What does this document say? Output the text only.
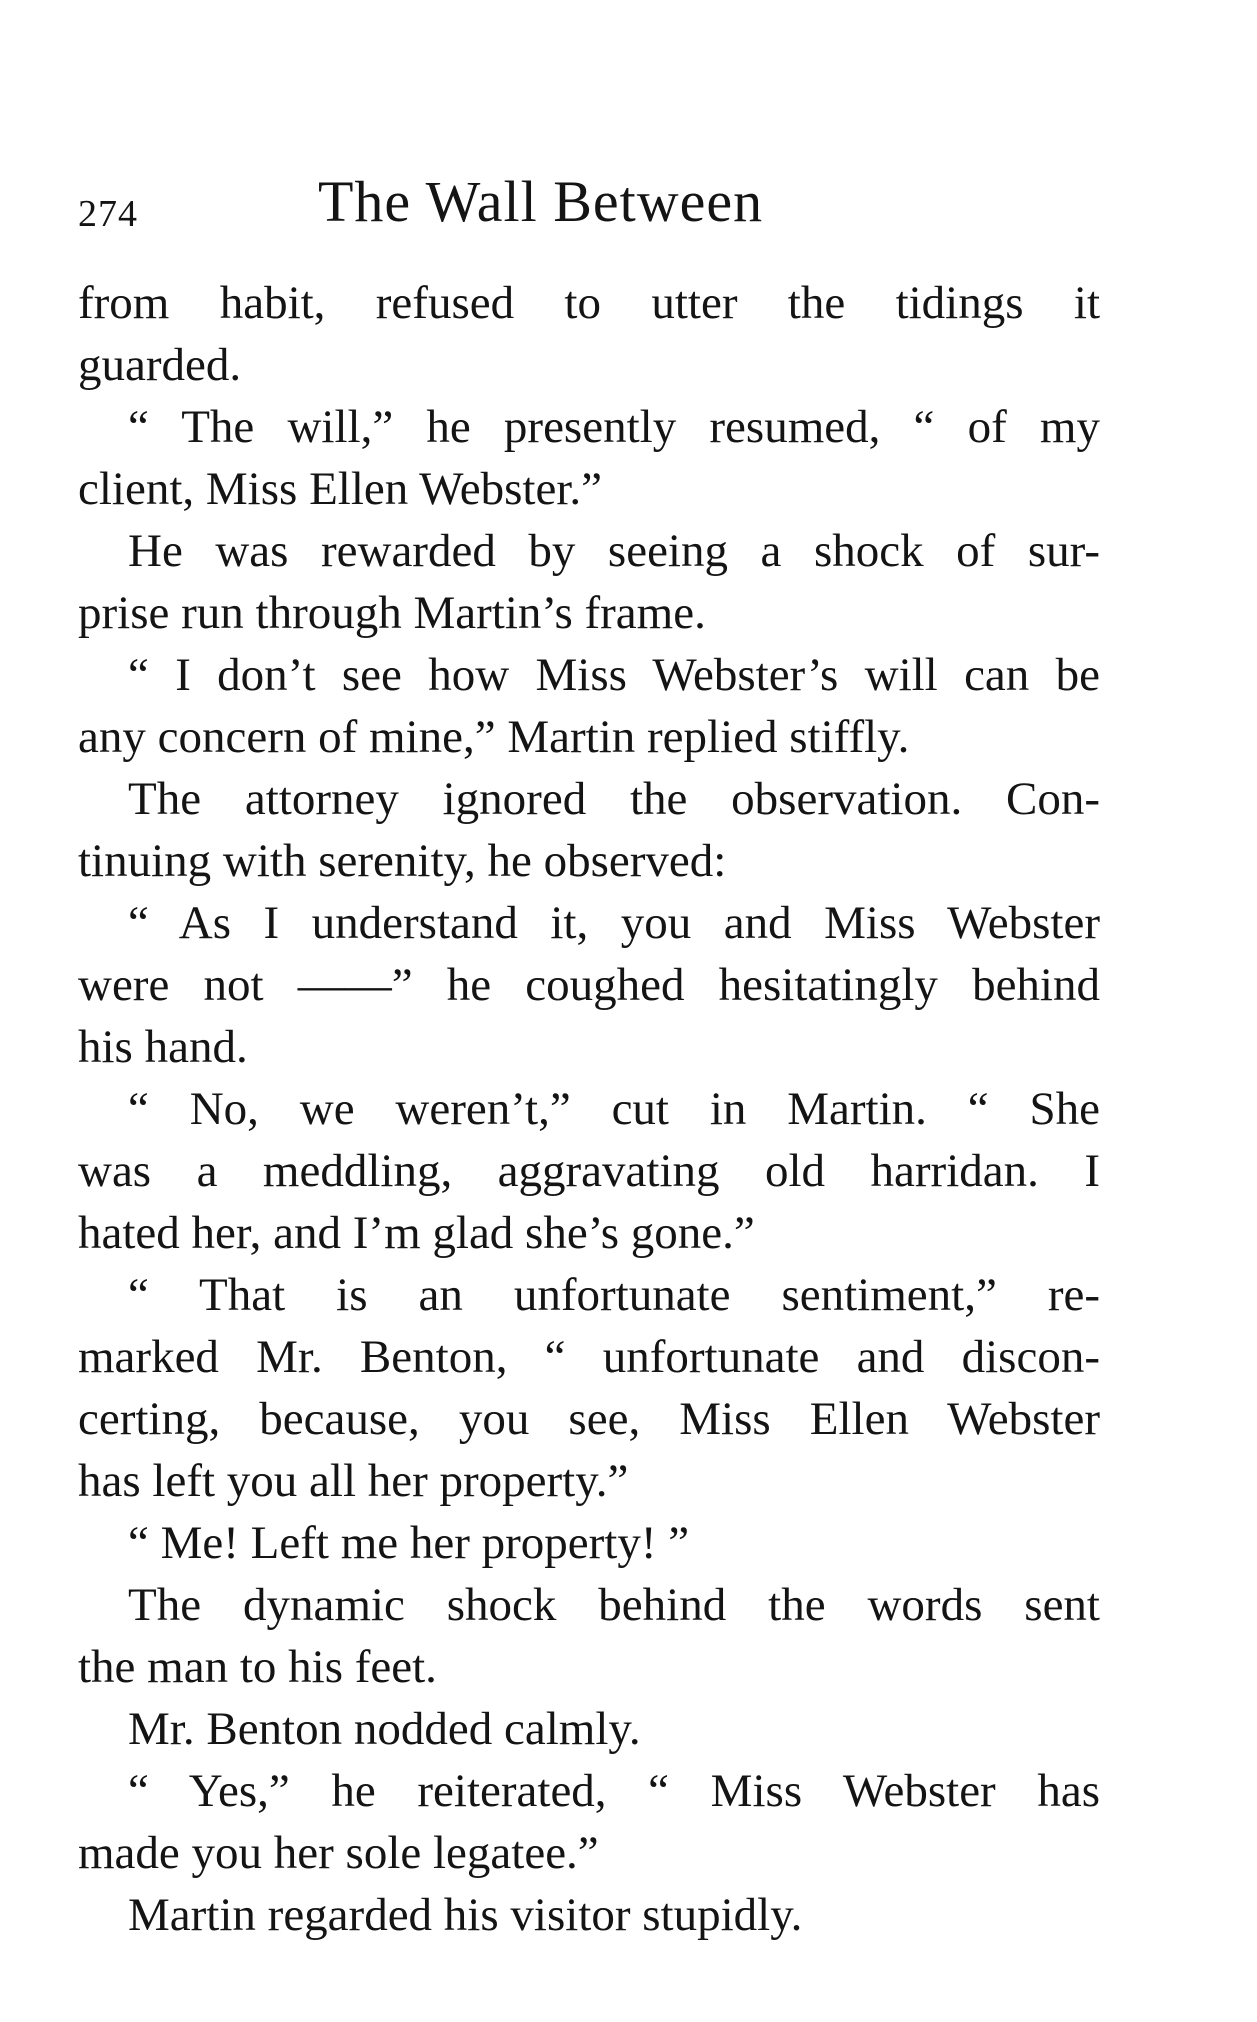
274	The Wall Between
from habit, refused to utter the tidings it
guarded.
“ The will,” he presently resumed, “ of my
client, Miss Ellen Webster.”
He was rewarded by seeing a shock of sur-
prise run through Martin’s frame.
“ I don’t see how Miss Webster’s will can be
any concern of mine,” Martin replied stiffly.
The attorney ignored the observation. Con-
tinuing with serenity, he observed:
“ As I understand it, you and Miss Webster
were not ——” he coughed hesitatingly behind
his hand.
“ No, we weren’t,” cut in Martin. “ She
was a meddling, aggravating old harridan. I
hated her, and I’m glad she’s gone.”
“ That is an unfortunate sentiment,” re-
marked Mr. Benton, “ unfortunate and discon-
certing, because, you see, Miss Ellen Webster
has left you all her property.”
“ Me! Left me her property! ”
The dynamic shock behind the words sent
the man to his feet.
Mr. Benton nodded calmly.
“ Yes,” he reiterated, “ Miss Webster has
made you her sole legatee.”
Martin regarded his visitor stupidly.
